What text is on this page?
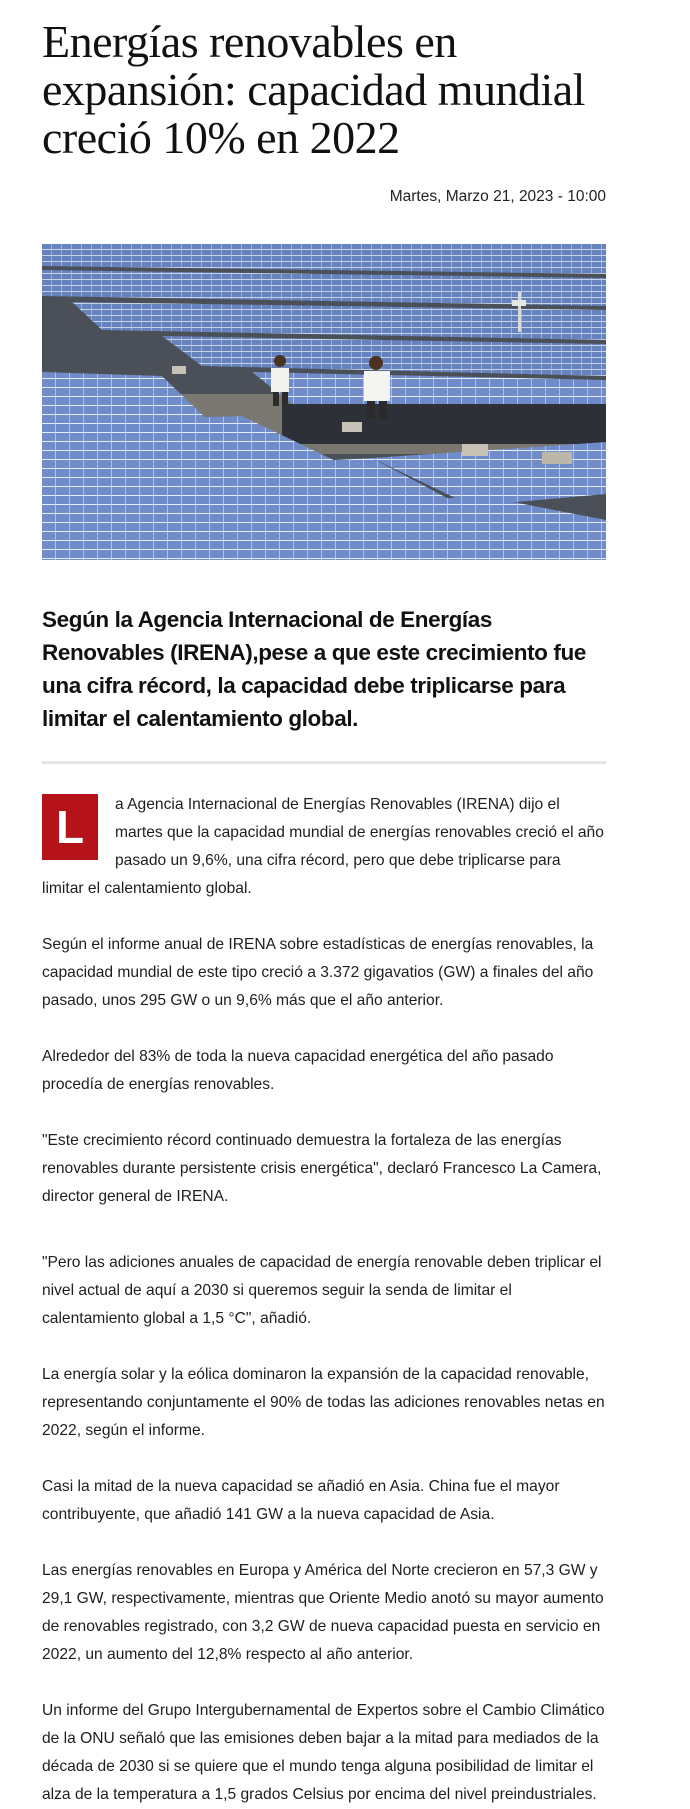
Energías renovables en expansión: capacidad mundial creció 10% en 2022
Martes, Marzo 21, 2023 - 10:00
Según la Agencia Internacional de Energías Renovables (IRENA),pese a que este crecimiento fue una cifra récord, la capacidad debe triplicarse para limitar el calentamiento global.
L	a Agencia Internacional de Energías Renovables (IRENA) dijo el martes que la capacidad mundial de energías renovables creció el año pasado un 9,6%, una cifra récord, pero que debe triplicarse para limitar el calentamiento global.

Según el informe anual de IRENA sobre estadísticas de energías renovables, la capacidad mundial de este tipo creció a 3.372 gigavatios (GW) a finales del año pasado, unos 295 GW o un 9,6% más que el año anterior.

Alrededor del 83% de toda la nueva capacidad energética del año pasado procedía de energías renovables.

"Este crecimiento récord continuado demuestra la fortaleza de las energías renovables durante persistente crisis energética", declaró Francesco La Camera, director general de IRENA.

"Pero las adiciones anuales de capacidad de energía renovable deben triplicar el nivel actual de aquí a 2030 si queremos seguir la senda de limitar el calentamiento global a 1,5 °C", añadió.

La energía solar y la eólica dominaron la expansión de la capacidad renovable, representando conjuntamente el 90% de todas las adiciones renovables netas en 2022, según el informe.

Casi la mitad de la nueva capacidad se añadió en Asia. China fue el mayor contribuyente, que añadió 141 GW a la nueva capacidad de Asia.

Las energías renovables en Europa y América del Norte crecieron en 57,3 GW y 29,1 GW, respectivamente, mientras que Oriente Medio anotó su mayor aumento de renovables registrado, con 3,2 GW de nueva capacidad puesta en servicio en 2022, un aumento del 12,8% respecto al año anterior.

Un informe del Grupo Intergubernamental de Expertos sobre el Cambio Climático de la ONU señaló que las emisiones deben bajar a la mitad para mediados de la década de 2030 si se quiere que el mundo tenga alguna posibilidad de limitar el alza de la temperatura a 1,5 grados Celsius por encima del nivel preindustriales.
